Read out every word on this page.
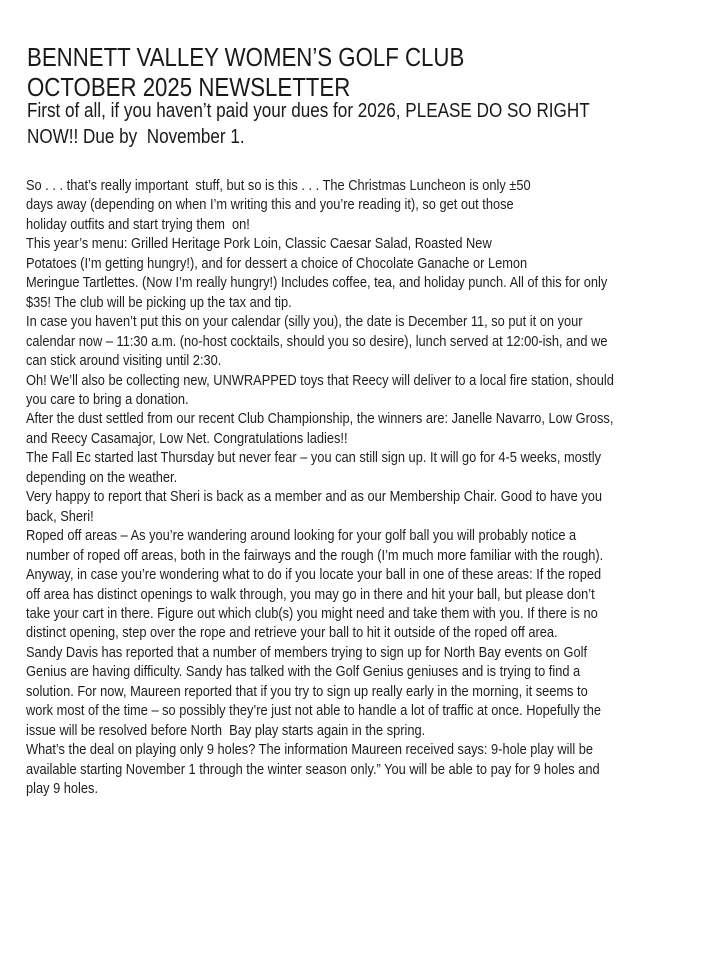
BENNETT VALLEY WOMEN’S GOLF CLUB
OCTOBER 2025 NEWSLETTER
First of all, if you haven’t paid your dues for 2026, PLEASE DO SO RIGHT
NOW!! Due by  November 1.
So . . . that’s really important  stuff, but so is this . . . The Christmas Luncheon is only ±50
days away (depending on when I’m writing this and you’re reading it), so get out those
holiday outfits and start trying them  on!
This year’s menu: Grilled Heritage Pork Loin, Classic Caesar Salad, Roasted New
Potatoes (I’m getting hungry!), and for dessert a choice of Chocolate Ganache or Lemon
Meringue Tartlettes. (Now I’m really hungry!) Includes coffee, tea, and holiday punch. All of this for only
$35! The club will be picking up the tax and tip.
In case you haven’t put this on your calendar (silly you), the date is December 11, so put it on your
calendar now – 11:30 a.m. (no-host cocktails, should you so desire), lunch served at 12:00-ish, and we
can stick around visiting until 2:30.
Oh! We’ll also be collecting new, UNWRAPPED toys that Reecy will deliver to a local fire station, should
you care to bring a donation.
After the dust settled from our recent Club Championship, the winners are: Janelle Navarro, Low Gross,
and Reecy Casamajor, Low Net. Congratulations ladies!!
The Fall Ec started last Thursday but never fear – you can still sign up. It will go for 4-5 weeks, mostly
depending on the weather.
Very happy to report that Sheri is back as a member and as our Membership Chair. Good to have you
back, Sheri!
Roped off areas – As you’re wandering around looking for your golf ball you will probably notice a
number of roped off areas, both in the fairways and the rough (I’m much more familiar with the rough).
Anyway, in case you’re wondering what to do if you locate your ball in one of these areas: If the roped
off area has distinct openings to walk through, you may go in there and hit your ball, but please don’t
take your cart in there. Figure out which club(s) you might need and take them with you. If there is no
distinct opening, step over the rope and retrieve your ball to hit it outside of the roped off area.
Sandy Davis has reported that a number of members trying to sign up for North Bay events on Golf
Genius are having difficulty. Sandy has talked with the Golf Genius geniuses and is trying to find a
solution. For now, Maureen reported that if you try to sign up really early in the morning, it seems to
work most of the time – so possibly they’re just not able to handle a lot of traffic at once. Hopefully the
issue will be resolved before North  Bay play starts again in the spring.
What’s the deal on playing only 9 holes? The information Maureen received says: 9-hole play will be
available starting November 1 through the winter season only.” You will be able to pay for 9 holes and
play 9 holes.
